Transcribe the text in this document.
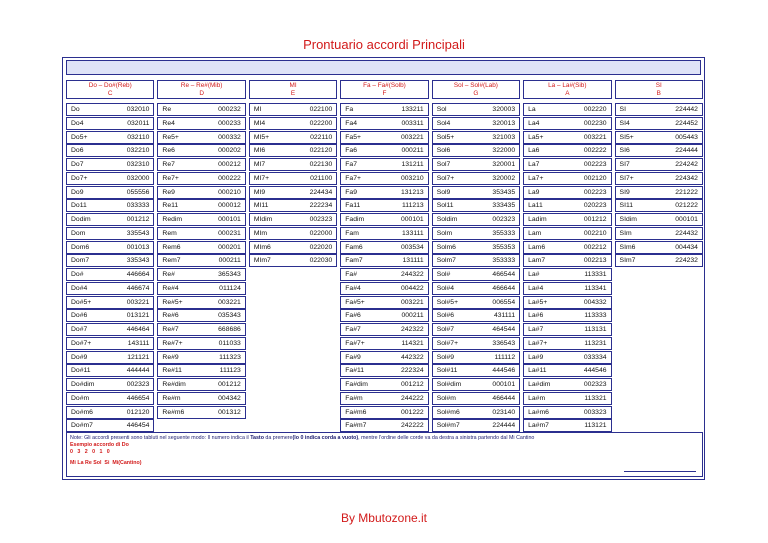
Prontuario accordi Principali
Do – Do#(Reb)
C
Do	032010
Do4	032011
Do5+	032110
Do6	032210
Do7	032310
Do7+	032000
Do9	055556
Do11	033333
Dodim	001212
Dom	335543
Dom6	001013
Dom7	335343
Do#	446664
Do#4	446674
Do#5+	003221
Do#6	013121
Do#7	446464
Do#7+	143111
Do#9	121121
Do#11	444444
Do#dim	002323
Do#m	446654
Do#m6	012120
Do#m7	446454
Re – Re#(Mib)
D
Re	000232
Re4	000233
Re5+	000332
Re6	000202
Re7	000212
Re7+	000222
Re9	000210
Re11	000012
Redim	000101
Rem	000231
Rem6	000201
Rem7	000211
Re#	365343
Re#4	011124
Re#5+	003221
Re#6	035343
Re#7	668686
Re#7+	011033
Re#9	111323
Re#11	111123
Re#dim	001212
Re#m	004342
Re#m6	001312
MI
E
MI	022100
MI4	022200
MI5+	022110
MI6	022120
MI7	022130
MI7+	021100
MI9	224434
MI11	222234
MIdim	002323
MIm	022000
MIm6	022020
MIm7	022030
Fa – Fa#(Solb)
F
Fa	133211
Fa4	003311
Fa5+	003221
Fa6	000211
Fa7	131211
Fa7+	003210
Fa9	131213
Fa11	111213
Fadim	000101
Fam	133111
Fam6	003534
Fam7	131111
Fa#	244322
Fa#4	004422
Fa#5+	003221
Fa#6	000211
Fa#7	242322
Fa#7+	114321
Fa#9	442322
Fa#11	222324
Fa#dim	001212
Fa#m	244222
Fa#m6	001222
Fa#m7	242222
Sol – Sol#(Lab)
G
Sol	320003
Sol4	320013
Sol5+	321003
Sol6	322000
Sol7	320001
Sol7+	320002
Sol9	353435
Sol11	333435
Soldim	002323
Solm	355333
Solm6	355353
Solm7	353333
Sol#	466544
Sol#4	466644
Sol#5+	006554
Sol#6	431111
Sol#7	464544
Sol#7+	336543
Sol#9	111112
Sol#11	444546
Sol#dim	000101
Sol#m	466444
Sol#m6	023140
Sol#m7	224444
La – La#(Sib)
A
La	002220
La4	002230
La5+	003221
La6	002222
La7	002223
La7+	002120
La9	002223
La11	020223
Ladim	001212
Lam	002210
Lam6	002212
Lam7	002213
La#	113331
La#4	113341
La#5+	004332
La#6	113333
La#7	113131
La#7+	113231
La#9	033334
La#11	444546
La#dim	002323
La#m	113321
La#m6	003323
La#m7	113121
SI
B
SI	224442
SI4	224452
SI5+	005443
SI6	224444
SI7	224242
SI7+	224342
SI9	221222
SI11	021222
SIdim	000101
SIm	224432
SIm6	004434
SIm7	224232
Note: Gli accordi presenti sono tabluti nel seguente modo: Il numero indica il Tasto da premere(lo 0 indica corda a vuoto), mentre l'ordine delle corde va da destra a sinistra partendo dal Mi Cantino
Esempio accordo di Do
0   3   2   0   1   0
Mi La Re Sol  Si  Mi(Cantino)
By Mbutozone.it
